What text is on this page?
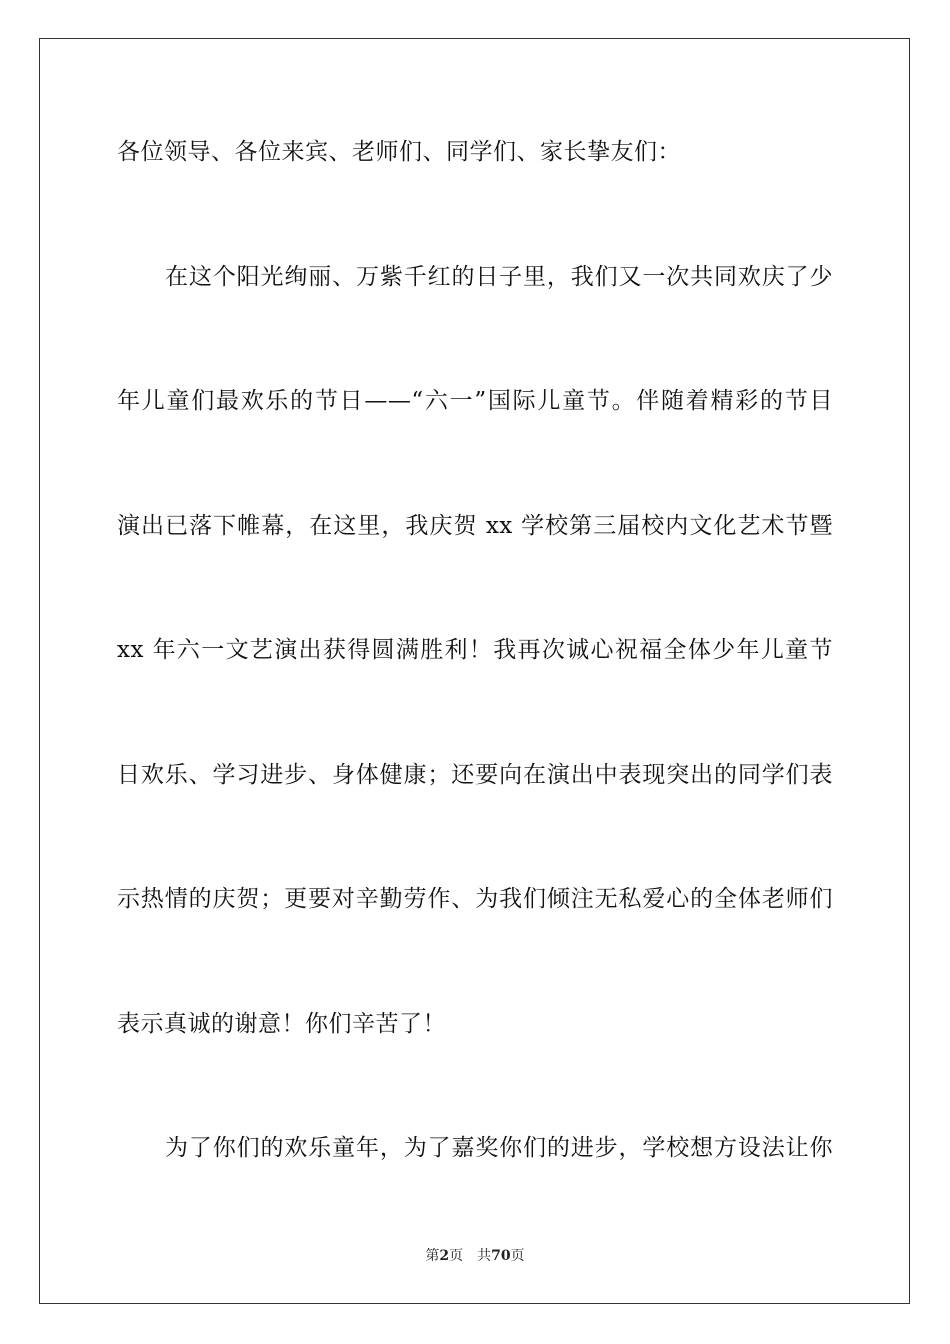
各位领导、各位来宾、老师们、同学们、家长挚友们：
在这个阳光绚丽、万紫千红的日子里，我们又一次共同欢庆了少
年儿童们最欢乐的节日——“六一”国际儿童节。伴随着精彩的节目
演出已落下帷幕，在这里，我庆贺 xx 学校第三届校内文化艺术节暨
xx 年六一文艺演出获得圆满胜利！我再次诚心祝福全体少年儿童节
日欢乐、学习进步、身体健康；还要向在演出中表现突出的同学们表
示热情的庆贺；更要对辛勤劳作、为我们倾注无私爱心的全体老师们
表示真诚的谢意！你们辛苦了！
为了你们的欢乐童年，为了嘉奖你们的进步，学校想方设法让你
第2页 共70页
